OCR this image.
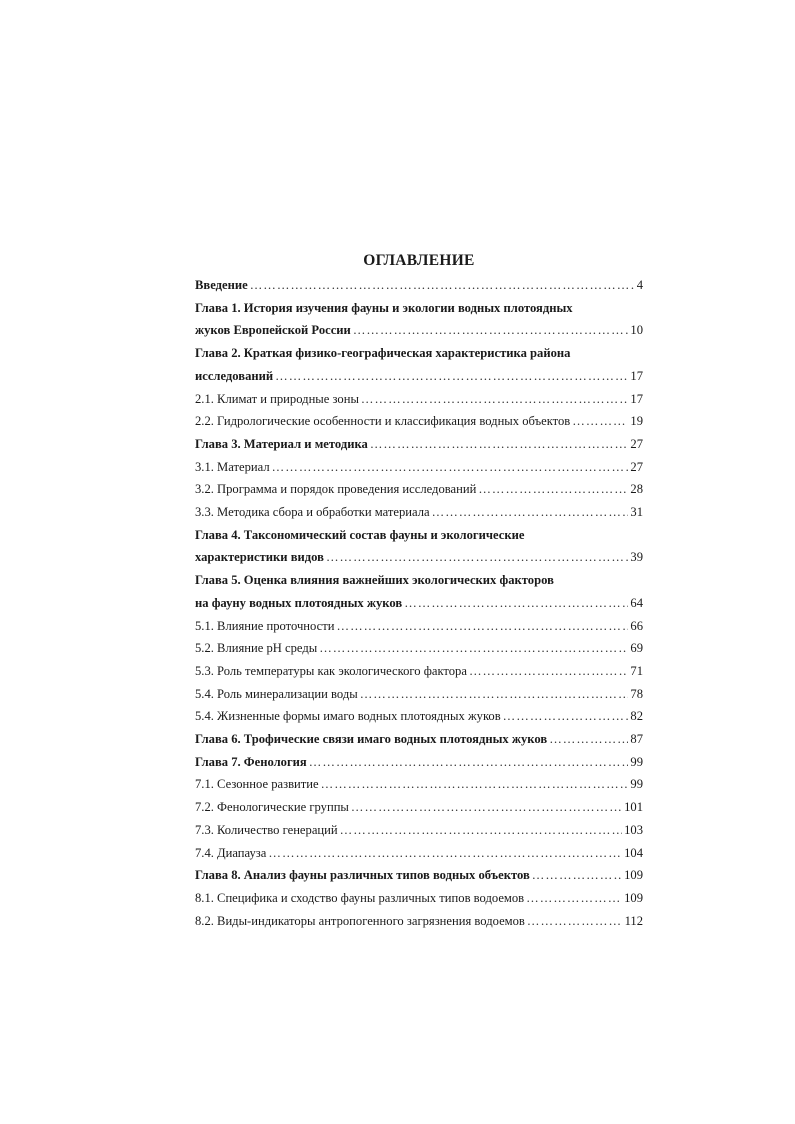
ОГЛАВЛЕНИЕ
Введение ……………………………………………………………………………………………………………………………………………………………………	4
Глава 1. История изучения фауны и экологии водных плотоядных
жуков Европейской России ……………………………………………………………………………………………………………………………………………………………………	10
Глава 2. Краткая физико-географическая характеристика района
исследований ……………………………………………………………………………………………………………………………………………………………………	17
2.1. Климат и природные зоны ……………………………………………………………………………………………………………………………………………………………………	17
2.2. Гидрологические особенности и классификация водных объектов ……………………………………………………………………………………………………………………………………………………………………	19
Глава 3. Материал и методика ……………………………………………………………………………………………………………………………………………………………………	27
3.1. Материал ……………………………………………………………………………………………………………………………………………………………………	27
3.2. Программа и порядок проведения исследований ……………………………………………………………………………………………………………………………………………………………………	28
3.3. Методика сбора и обработки материала ……………………………………………………………………………………………………………………………………………………………………	31
Глава 4. Таксономический состав фауны и экологические
характеристики видов ……………………………………………………………………………………………………………………………………………………………………	39
Глава 5. Оценка влияния важнейших экологических факторов
на фауну водных плотоядных жуков ……………………………………………………………………………………………………………………………………………………………………	64
5.1. Влияние проточности ……………………………………………………………………………………………………………………………………………………………………	66
5.2. Влияние рН среды ……………………………………………………………………………………………………………………………………………………………………	69
5.3. Роль температуры как экологического фактора ……………………………………………………………………………………………………………………………………………………………………	71
5.4. Роль минерализации воды ……………………………………………………………………………………………………………………………………………………………………	78
5.4. Жизненные формы имаго водных плотоядных жуков ……………………………………………………………………………………………………………………………………………………………………	82
Глава 6. Трофические связи имаго водных плотоядных жуков ……………………………………………………………………………………………………………………………………………………………………	87
Глава 7. Фенология ……………………………………………………………………………………………………………………………………………………………………	99
7.1. Сезонное развитие ……………………………………………………………………………………………………………………………………………………………………	99
7.2. Фенологические группы ……………………………………………………………………………………………………………………………………………………………………	101
7.3. Количество генераций ……………………………………………………………………………………………………………………………………………………………………	103
7.4. Диапауза ……………………………………………………………………………………………………………………………………………………………………	104
Глава 8. Анализ фауны различных типов водных объектов ……………………………………………………………………………………………………………………………………………………………………	109
8.1. Специфика и сходство фауны различных типов водоемов ……………………………………………………………………………………………………………………………………………………………………	109
8.2. Виды-индикаторы антропогенного загрязнения водоемов ……………………………………………………………………………………………………………………………………………………………………	112
